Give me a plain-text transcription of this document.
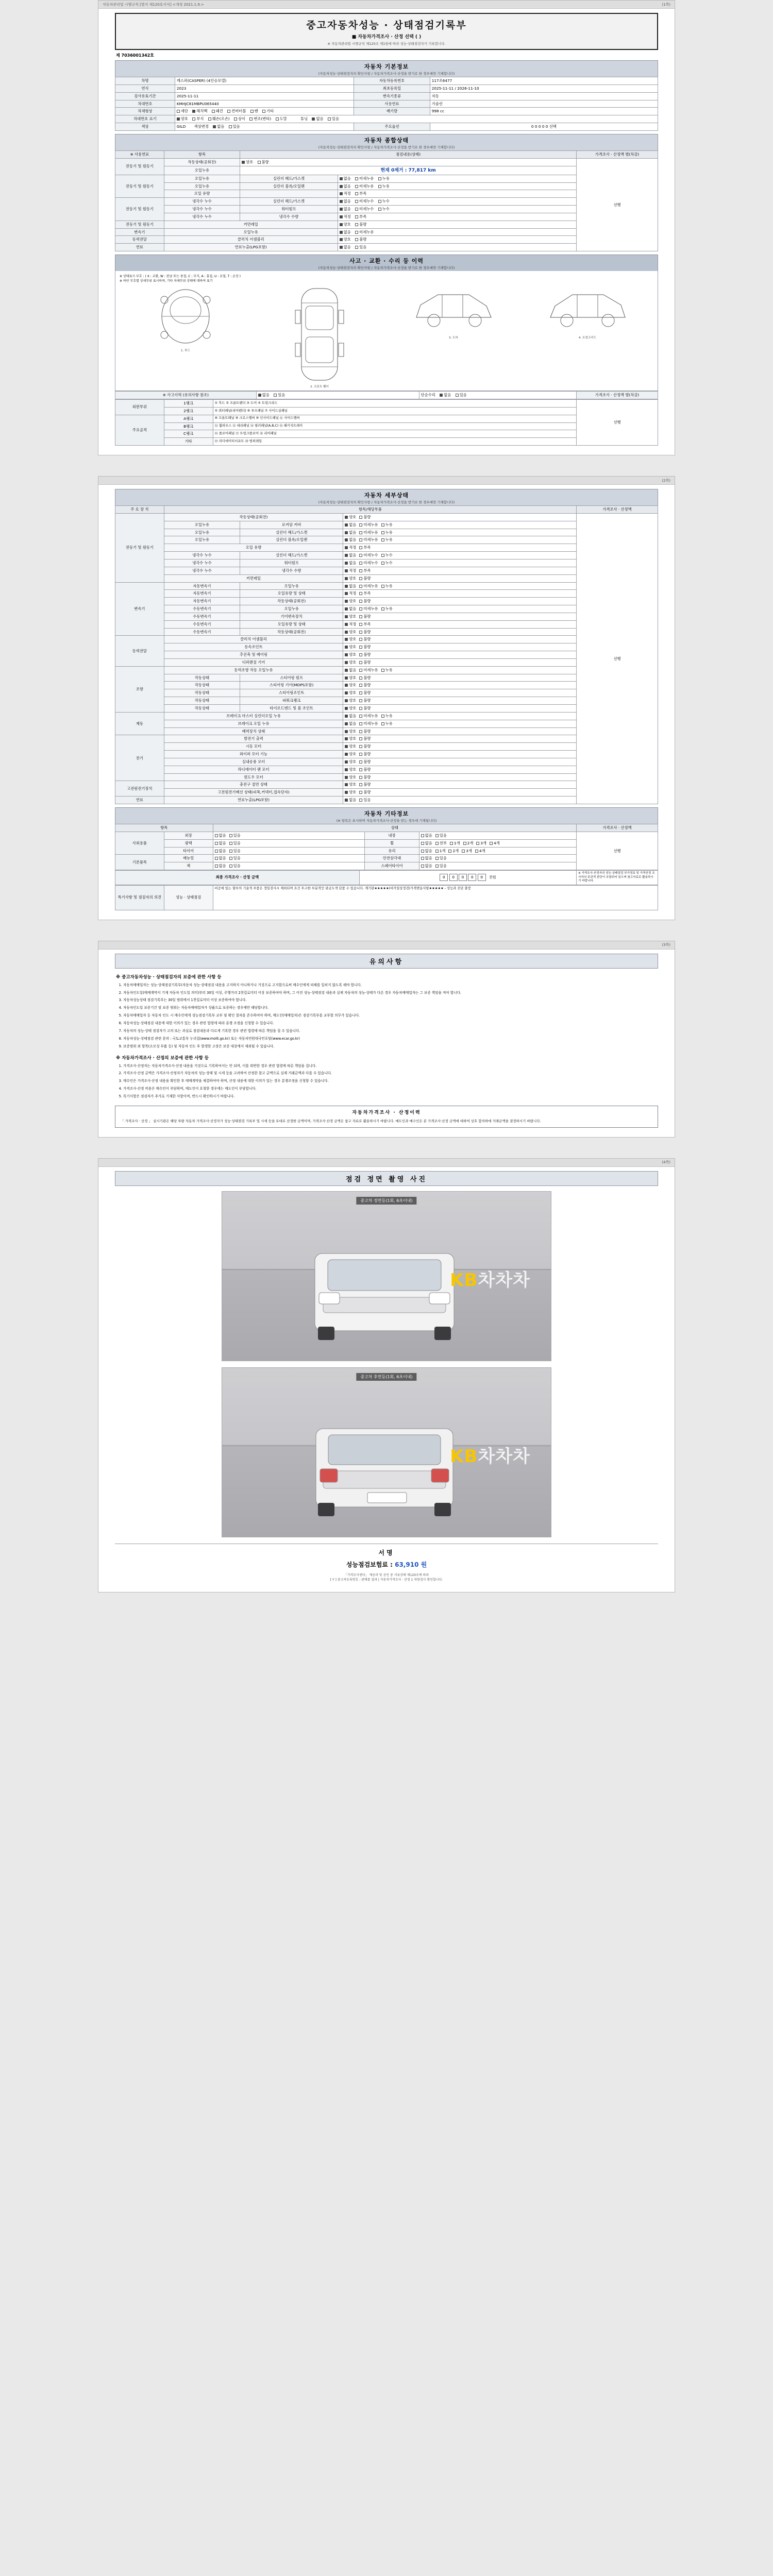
자동차관리법 시행규칙 [별지 제120호서식] <개정 2021.1.9.>	(1쪽)
중고자동차성능 · 상태점검기록부
■ 자동차가격조사 · 산정 선택 ( )
※ 자동차관리법 시행규칙 제120조 제1항에 따라 성능·상태점검자가 기록합니다.
제 7036001342호
자동차 기본정보
(자동차성능·상태점검자의 확인사항 / 자동차가격조사·산정을 받기로 한 경우에만 기재합니다)
차명	캐스퍼(CASPER) (4인승모델)	자동차등록번호	117조6477
연식	2023	최초등록일	2025-11-11 / 2026-11-10
검사유효기간	2025-11-11	변속기종류	자동
차대번호	KMHJC81MBPU065440	사용연료	가솔린
차체형상	세단 해치백 왜건 컨버터블 밴 기타	배기량	998 cc
차대번호 표기	양호 부식 훼손(오손) 상이 변조(변타) 도말 튜닝 없음 있음		
색상	GILD 색상변경 없음 있음	주요옵션	0 0 0 0 0 선택
자동차 종합상태
(자동차성능·상태점검자의 확인사항 / 자동차가격조사·산정을 받기로 한 경우에만 기재합니다)
※ 사용연료	항목	점검내용(상태)		가격조사 · 산정액 별(차감)
전동기 및 원동기	작동상태(공회전)	양호 불량		선행
	오일누유	현재 0제거 : 77,817 km		
전동기 및 원동기	오일누유	실린더 헤드/가스켓	없음 미세누유 누유	
	오일누유	실린더 블록/오일팬	없음 미세누유 누유	
	오일 유량		적정 부족	
전동기 및 원동기	냉각수 누수	실린더 헤드/가스켓	없음 미세누수 누수	
	냉각수 누수	워터펌프	없음 미세누수 누수	
	냉각수 누수	냉각수 수량	적정 부족	
전동기 및 원동기	커먼레일		양호 불량	
변속기	오일누유		없음 미세누유	
동력전달	클러치 어셈블리		양호 불량	
연료	연료누출(LPG포함)		없음 있음	
사고 · 교환 · 수리 등 이력
(자동차성능·상태점검자의 확인사항 / 자동차가격조사·산정을 받기로 한 경우에만 기재합니다)
※ 상태표시 부호 : ( X : 교환, W : 판금 또는 용접, C : 부식, A : 흠집, U : 요철, T : 손상 )
※ 하단 부호별 상세부위 표시하며, 기타 차체부위 상태에 대하여 표기
1. 후드
2. 프론트 휀더
3. 도어	4. 트렁크리드
※ 사고이력 (유의사항 참조)	없음 있음	단순수리 없음 있음	가격조사 · 산정액 별(차감)
외판부위	1랭크	① 후드 ② 프론트펜더 ③ 도어 ④ 트렁크리드	선행
	2랭크	⑤ 쿼터패널(리어펜더) ⑥ 루프패널 ⑦ 사이드실패널	
주요골격	A랭크	⑧ 프론트패널 ⑨ 크로스멤버 ⑩ 인사이드패널 ⑪ 사이드멤버	
	B랭크	⑫ 휠하우스 ⑬ 대쉬패널 ⑭ 필러패널(A,B,C) ⑮ 패키지트레이	
	C랭크	⑯ 플로어패널 ⑰ 트렁크플로어 ⑱ 리어패널	
	기타	⑲ 라디에이터서포트 ⑳ 범퍼레일	
(2쪽)
자동차 세부상태
(자동차성능·상태점검자의 확인사항 / 자동차가격조사·산정을 받기로 한 경우에만 기재합니다)
주 요 장 치	항목/해당부품			가격조사 · 산정액
전동기 및 원동기	작동상태(공회전)		양호 불량	선행
	오일누유	로커암 커버	없음 미세누유 누유	
	오일누유	실린더 헤드/가스켓	없음 미세누유 누유	
	오일누유	실린더 블록/오일팬	없음 미세누유 누유	
	오일 유량		적정 부족	
	냉각수 누수	실린더 헤드/가스켓	없음 미세누수 누수	
	냉각수 누수	워터펌프	없음 미세누수 누수	
	냉각수 누수	냉각수 수량	적정 부족	
	커먼레일		양호 불량	
변속기	자동변속기	오일누유	없음 미세누유 누유	
	자동변속기	오일유량 및 상태	적정 부족	
	자동변속기	작동상태(공회전)	양호 불량	
	수동변속기	오일누유	없음 미세누유 누유	
	수동변속기	기어변속장치	양호 불량	
	수동변속기	오일유량 및 상태	적정 부족	
	수동변속기	작동상태(공회전)	양호 불량	
동력전달	클러치 어셈블리		양호 불량	
	등속조인트		양호 불량	
	추진축 및 베어링		양호 불량	
	디퍼렌셜 기어		양호 불량	
조향	동력조향 작동 오일누유		없음 미세누유 누유	
	작동상태	스티어링 펌프	양호 불량	
	작동상태	스티어링 기어(MDPS포함)	양호 불량	
	작동상태	스티어링조인트	양호 불량	
	작동상태	파워크랭크	양호 불량	
	작동상태	타이로드엔드 및 볼 조인트	양호 불량	
제동	브레이크 마스터 실린더오일 누유		없음 미세누유 누유	
	브레이크 오일 누유		없음 미세누유 누유	
	배력장치 상태		양호 불량	
전기	발전기 출력		양호 불량	
	시동 모터		양호 불량	
	와이퍼 모터 기능		양호 불량	
	실내송풍 모터		양호 불량	
	라디에이터 팬 모터		양호 불량	
	윈도우 모터		양호 불량	
고전원전기장치	충전구 절연 상태		양호 불량	
	고전원전기배선 상태(피복,커넥터,접속단자)		양호 불량	
연료	연료누출(LPG포함)		없음 있음	
자동차 기타정보
(※ 항목은 표시하며 자동차가격조사·산정을 받는 경우에 기재됩니다)
항목		상태			가격조사 · 산정액
사외용품	외장	없음 있음	내장	없음 있음	선행
	광택	없음 있음	휠	없음 전부 1개 2개 3개 4개	
	타이어	없음 있음	유리	없음 1개 2개 3개 4개	
기본품목	매뉴얼	없음 있음	안전삼각대	없음 있음	
	잭	없음 있음	스페어타이어	없음 있음	
최종 가격조사 · 산정 금액	0 0 0 0 0 천원	※ 가격조사·산정자의 성능·상태점검 부가정보 및 가격산정 조사자의 주관적 판단이 포함되어 있으며 참고자료로 활용하시기 바랍니다.
특기사항 및 점검자의 의견	성능 · 상태점검	비공에 있는 할부의 기술적 부품은 정밀검사시 제외되며 요건 투고한 부분적인 판금도색 단품 수 있습니다. 계기판★★★★★(비카일상정검)가격변동사항★★★★★ - 성능과 진단 출장
(3쪽)
유의사항
※ 중고자동차성능 · 상태점검자의 보증에 관한 사항 등
1. 자동차매매업자는 성능·상태점검기록부(자동차 성능·상태점검 내용을 고지하지 아니하거나 거짓으로 고지함으로써 매수인에게 피해를 입히지 않도록 해야 합니다.
2. 자동차인도일(매매계약서 기재 자동차 인도일 의미)부터 30일 이상, 주행거리 2천킬로미터 이상 보증하여야 하며, 그 이전 성능·상태점검 내용과 실제 자동차의 성능·상태가 다른 경우 자동차매매업자는 그 보증 책임을 져야 합니다.
3. 자동차성능상태 점검기록부는 30일 범위에서 1천킬로미터 이상 보증하여야 합니다.
4. 자동차인도일 보증기간 및 보증 범위는 자동차매매업자가 상품으로 보증하는 경우에만 해당합니다.
5. 자동차매매업자 등 자동차 인도 시 매수인에게 성능점검기록부 교부 및 확인 절차를 준수하여야 하며, 매도인(매매업자)은 점검기록부를 교부할 의무가 있습니다.
6. 자동차성능·상태점검 내용에 대한 이의가 있는 경우 관련 법령에 따라 분쟁 조정을 신청할 수 있습니다.
7. 자동차의 성능·상태 점검자가 고의 또는 과실로 점검내용과 다르게 기록한 경우 관련 법령에 따른 책임을 질 수 있습니다.
8. 자동차성능·상태점검 관련 문의 : 국토교통부 누리집(www.molit.go.kr) 또는 자동차민원대국민포털(www.ecar.go.kr)
9. 보증범위 외 항목(소모성 부품 등) 및 자동차 인도 후 발생한 고장은 보증 대상에서 제외될 수 있습니다.
※ 자동차가격조사 · 산정의 보증에 관한 사항 등
1. 가격조사·산정자는 자동차가격조사·산정 내용을 거짓으로 기록하여서는 안 되며, 이를 위반한 경우 관련 법령에 따른 책임을 집니다.
2. 가격조사·산정 금액은 가격조사·산정자가 자동차의 성능·상태 및 시세 등을 고려하여 산정한 참고 금액으로 실제 거래금액과 다를 수 있습니다.
3. 매수인은 가격조사·산정 내용을 확인한 후 매매계약을 체결하여야 하며, 산정 내용에 대한 이의가 있는 경우 분쟁조정을 신청할 수 있습니다.
4. 가격조사·산정 비용은 매수인이 부담하며, 매도인이 요청한 경우에는 매도인이 부담합니다.
5. 특기사항은 점검자가 추가로 기재한 사항이며, 반드시 확인하시기 바랍니다.
자동차가격조사 · 산정이력
「 가격조사 · 산정 」 실시기관은 해당 차량 자동차 가격조사·산정자가 성능·상태점검 기록부 및 시세 등을 토대로 산정한 금액이며, 가격조사·산정 금액은 참고 자료로 활용하시기 바랍니다. 매도인과 매수인은 본 가격조사·산정 금액에 대하여 상호 합의하에 거래금액을 결정하시기 바랍니다.
(4쪽)
점검 정면 촬영 사진
중고차 정면등(1회, 6초이내)
KB차차차
중고차 후면등(1회, 6초이내)
KB차차차
서명
성능점검보험료 : 63,910 원
「가격조사센터」 제공과 및 공인 중 서류상태 제120조에 따라
[ Y ] 중고차등록번호 : 판매를 결과 | 자동차가격조사 · 산정 1 차량검사 확인합니다.
